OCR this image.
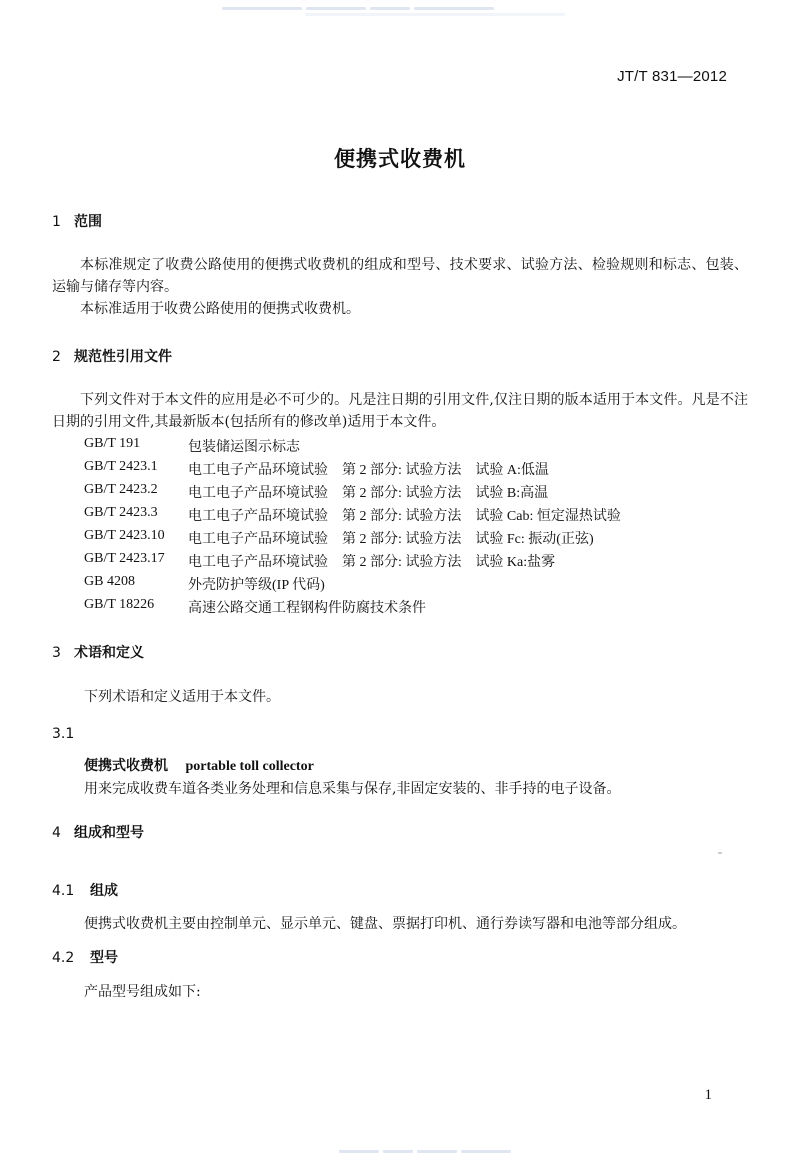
JT/T 831—2012
便携式收费机
1 范围
本标准规定了收费公路使用的便携式收费机的组成和型号、技术要求、试验方法、检验规则和标志、包装、运输与储存等内容。
本标准适用于收费公路使用的便携式收费机。
2 规范性引用文件
下列文件对于本文件的应用是必不可少的。凡是注日期的引用文件,仅注日期的版本适用于本文件。凡是不注日期的引用文件,其最新版本(包括所有的修改单)适用于本文件。
GB/T 191	包装储运图示标志
GB/T 2423.1	电工电子产品环境试验 第 2 部分: 试验方法 试验 A:低温
GB/T 2423.2	电工电子产品环境试验 第 2 部分: 试验方法 试验 B:高温
GB/T 2423.3	电工电子产品环境试验 第 2 部分: 试验方法 试验 Cab: 恒定湿热试验
GB/T 2423.10	电工电子产品环境试验 第 2 部分: 试验方法 试验 Fc: 振动(正弦)
GB/T 2423.17	电工电子产品环境试验 第 2 部分: 试验方法 试验 Ka:盐雾
GB 4208	外壳防护等级(IP 代码)
GB/T 18226	高速公路交通工程钢构件防腐技术条件
3 术语和定义
下列术语和定义适用于本文件。
3.1
便携式收费机 portable toll collector
用来完成收费车道各类业务处理和信息采集与保存,非固定安装的、非手持的电子设备。
4 组成和型号
4.1	组成
便携式收费机主要由控制单元、显示单元、键盘、票据打印机、通行券读写器和电池等部分组成。
4.2	型号
产品型号组成如下:
1
